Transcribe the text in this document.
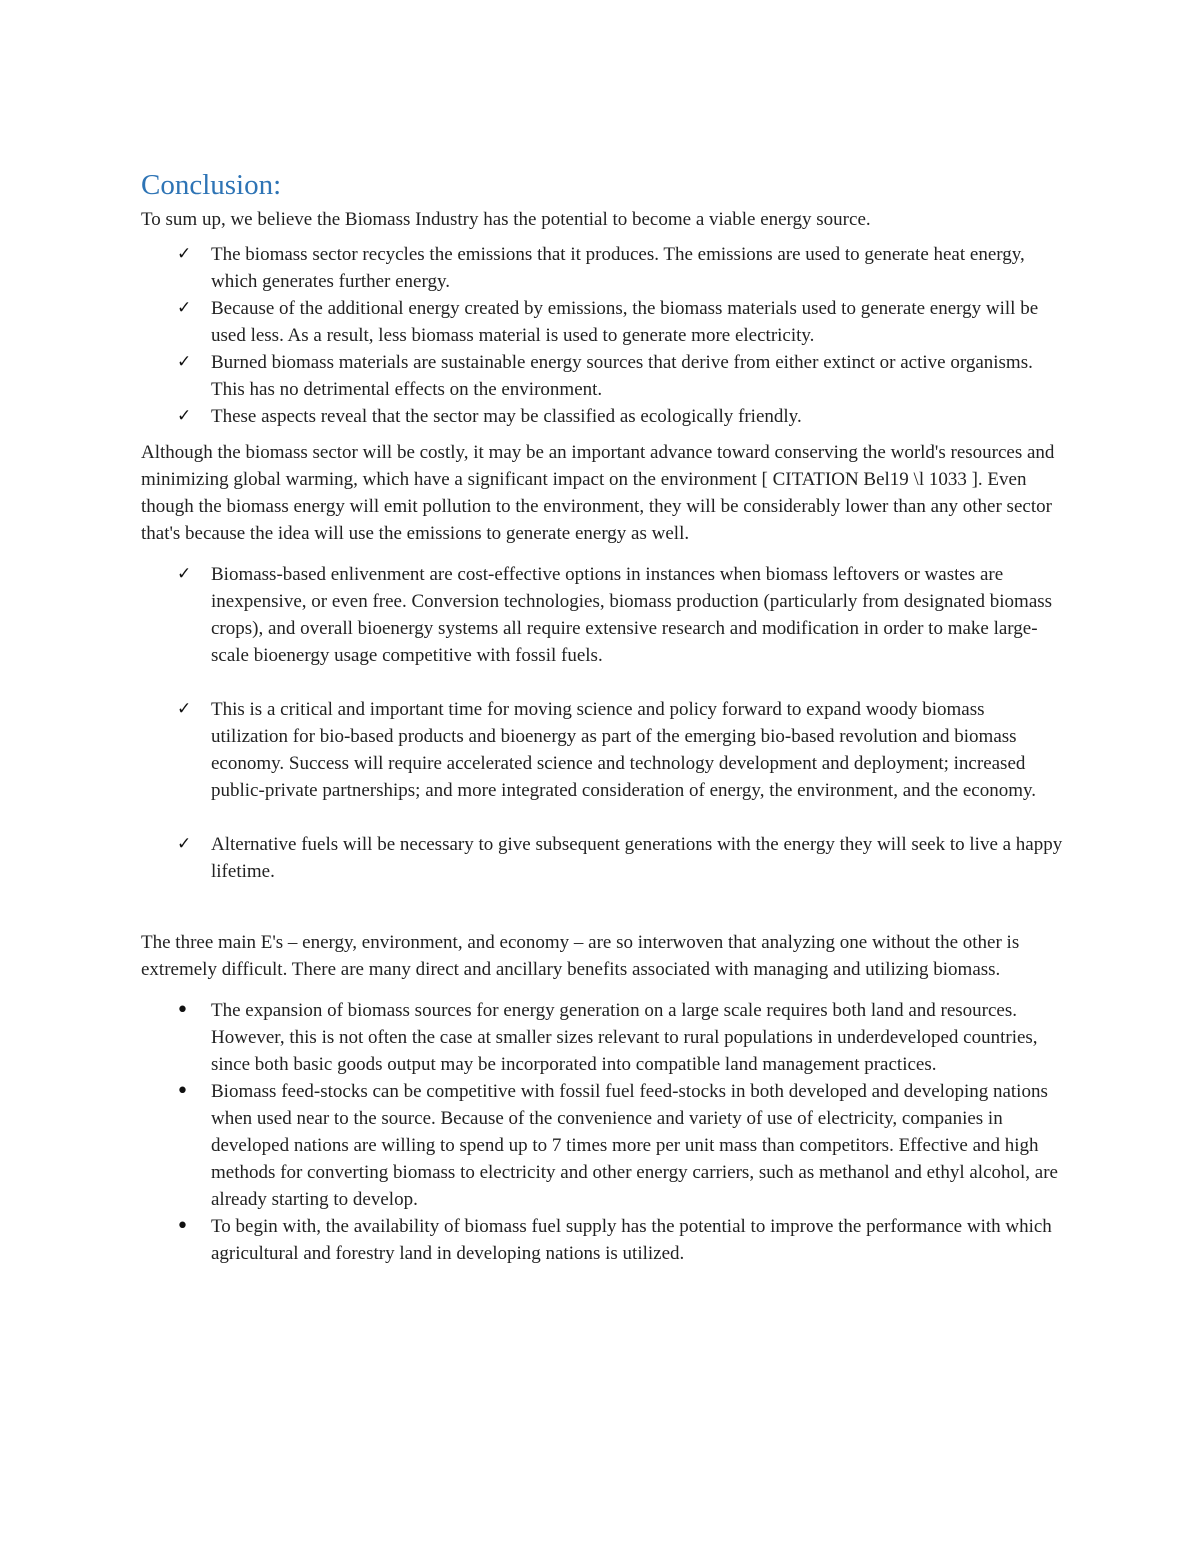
Conclusion:

To sum up, we believe the Biomass Industry has the potential to become a viable energy source.

✓	The biomass sector recycles the emissions that it produces. The emissions are used to generate heat energy, which generates further energy.
✓	Because of the additional energy created by emissions, the biomass materials used to generate energy will be used less. As a result, less biomass material is used to generate more electricity.
✓	Burned biomass materials are sustainable energy sources that derive from either extinct or active organisms. This has no detrimental effects on the environment.
✓	These aspects reveal that the sector may be classified as ecologically friendly.

Although the biomass sector will be costly, it may be an important advance toward conserving the world's resources and minimizing global warming, which have a significant impact on the environment [ CITATION Bel19 \l 1033 ]. Even though the biomass energy will emit pollution to the environment, they will be considerably lower than any other sector that's because the idea will use the emissions to generate energy as well.

✓	Biomass-based enlivenment are cost-effective options in instances when biomass leftovers or wastes are inexpensive, or even free. Conversion technologies, biomass production (particularly from designated biomass crops), and overall bioenergy systems all require extensive research and modification in order to make large-scale bioenergy usage competitive with fossil fuels.
✓	This is a critical and important time for moving science and policy forward to expand woody biomass utilization for bio-based products and bioenergy as part of the emerging bio-based revolution and biomass economy. Success will require accelerated science and technology development and deployment; increased public-private partnerships; and more integrated consideration of energy, the environment, and the economy.
✓	Alternative fuels will be necessary to give subsequent generations with the energy they will seek to live a happy lifetime.

The three main E's – energy, environment, and economy – are so interwoven that analyzing one without the other is extremely difficult. There are many direct and ancillary benefits associated with managing and utilizing biomass.

•	The expansion of biomass sources for energy generation on a large scale requires both land and resources. However, this is not often the case at smaller sizes relevant to rural populations in underdeveloped countries, since both basic goods output may be incorporated into compatible land management practices.
•	Biomass feed-stocks can be competitive with fossil fuel feed-stocks in both developed and developing nations when used near to the source. Because of the convenience and variety of use of electricity, companies in developed nations are willing to spend up to 7 times more per unit mass than competitors. Effective and high methods for converting biomass to electricity and other energy carriers, such as methanol and ethyl alcohol, are already starting to develop.
•	To begin with, the availability of biomass fuel supply has the potential to improve the performance with which agricultural and forestry land in developing nations is utilized.
